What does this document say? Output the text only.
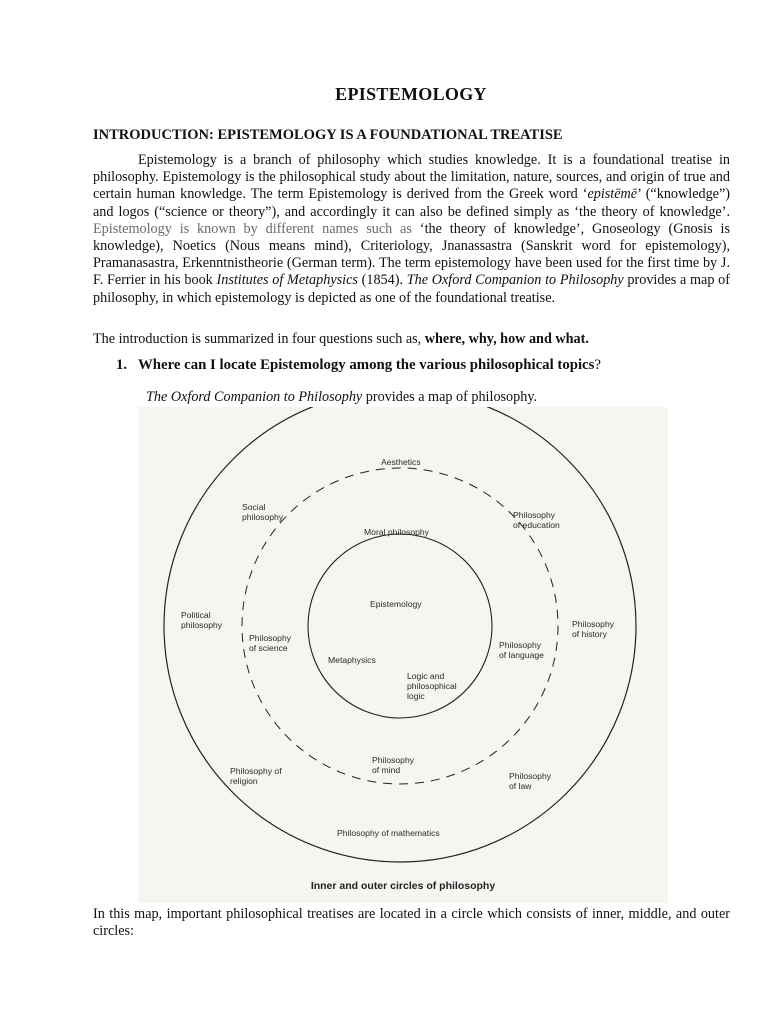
EPISTEMOLOGY
INTRODUCTION: EPISTEMOLOGY IS A FOUNDATIONAL TREATISE
Epistemology is a branch of philosophy which studies knowledge. It is a foundational treatise in philosophy. Epistemology is the philosophical study about the limitation, nature, sources, and origin of true and certain human knowledge. The term Epistemology is derived from the Greek word ‘epistēmē’ (“knowledge”) and logos (“science or theory”), and accordingly it can also be defined simply as ‘the theory of knowledge’. Epistemology is known by different names such as ‘the theory of knowledge’, Gnoseology (Gnosis is knowledge), Noetics (Nous means mind), Criteriology, Jnanassastra (Sanskrit word for epistemology), Pramanasastra, Erkenntnistheorie (German term). The term epistemology have been used for the first time by J. F. Ferrier in his book Institutes of Metaphysics (1854). The Oxford Companion to Philosophy provides a map of philosophy, in which epistemology is depicted as one of the foundational treatise.
The introduction is summarized in four questions such as, where, why, how and what.
1. Where can I locate Epistemology among the various philosophical topics?
The Oxford Companion to Philosophy provides a map of philosophy.
Aesthetics
Social
philosophy	Philosophy
of education
Moral philosophy
Epistemology
Political
philosophy	Philosophy
of history
Philosophy
of science	Philosophy
of language
Metaphysics
Logic and
philosophical
logic
Philosophy
of mind
Philosophy of
religion	Philosophy
of law
Philosophy of mathematics
Inner and outer circles of philosophy
In this map, important philosophical treatises are located in a circle which consists of inner, middle, and outer circles:
